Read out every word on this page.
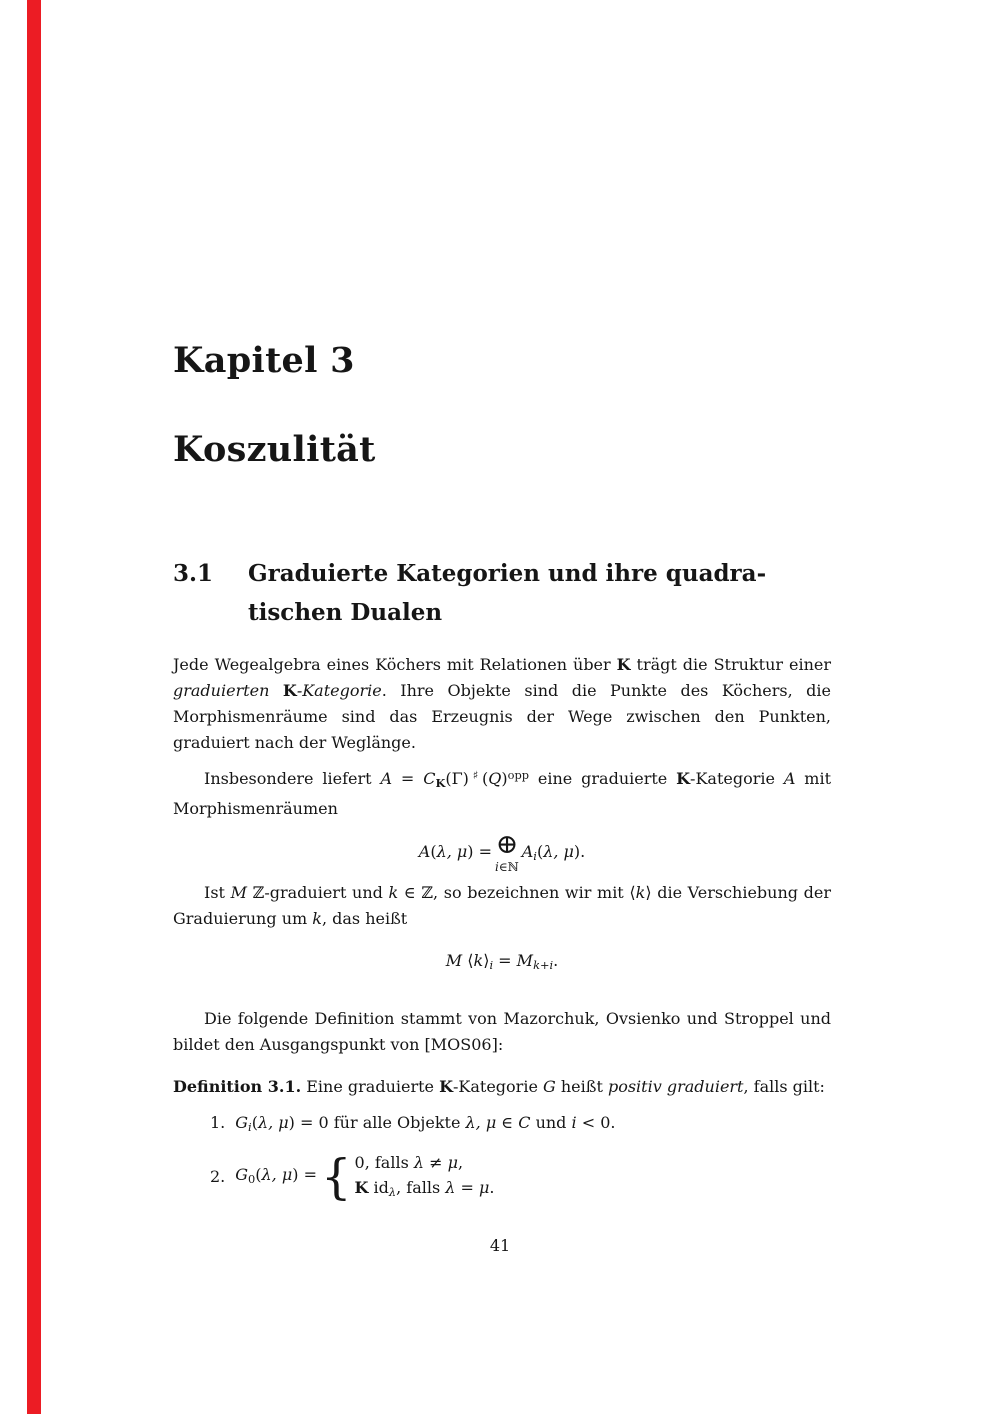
Kapitel 3
Koszulität
3.1	Graduierte Kategorien und ihre quadra-
tischen Dualen

Jede Wegealgebra eines Köchers mit Relationen über K trägt die Struktur einer graduierten K-Kategorie. Ihre Objekte sind die Punkte des Köchers, die Morphismenräume sind das Erzeugnis der Wege zwischen den Punkten, graduiert nach der Weglänge.

Insbesondere liefert $A = C_K(\Gamma)^♯(Q)^{opp}$ eine graduierte K-Kategorie A mit Morphismenräumen

A(λ, μ) = ⊕
i∈ℕ
$A_i(\lambda$, μ).

Ist M ℤ-graduiert und k ∈ ℤ, so bezeichnen wir mit ⟨k⟩ die Verschiebung der Graduierung um k, das heißt

M $⟨k⟩_i = M_{k+i}$.

Die folgende Definition stammt von Mazorchuk, Ovsienko und Stroppel und bildet den Ausgangspunkt von [MOS06]:

Definition 3.1. Eine graduierte K-Kategorie G heißt positiv graduiert, falls gilt:

1. $G_i(\lambda$, μ) = 0 für alle Objekte λ, μ ∈ C und i < 0.
2. $G_0(\lambda$, μ) = { 0, falls λ ≠ μ,
K $id_\lambda$, falls λ = μ.
41
